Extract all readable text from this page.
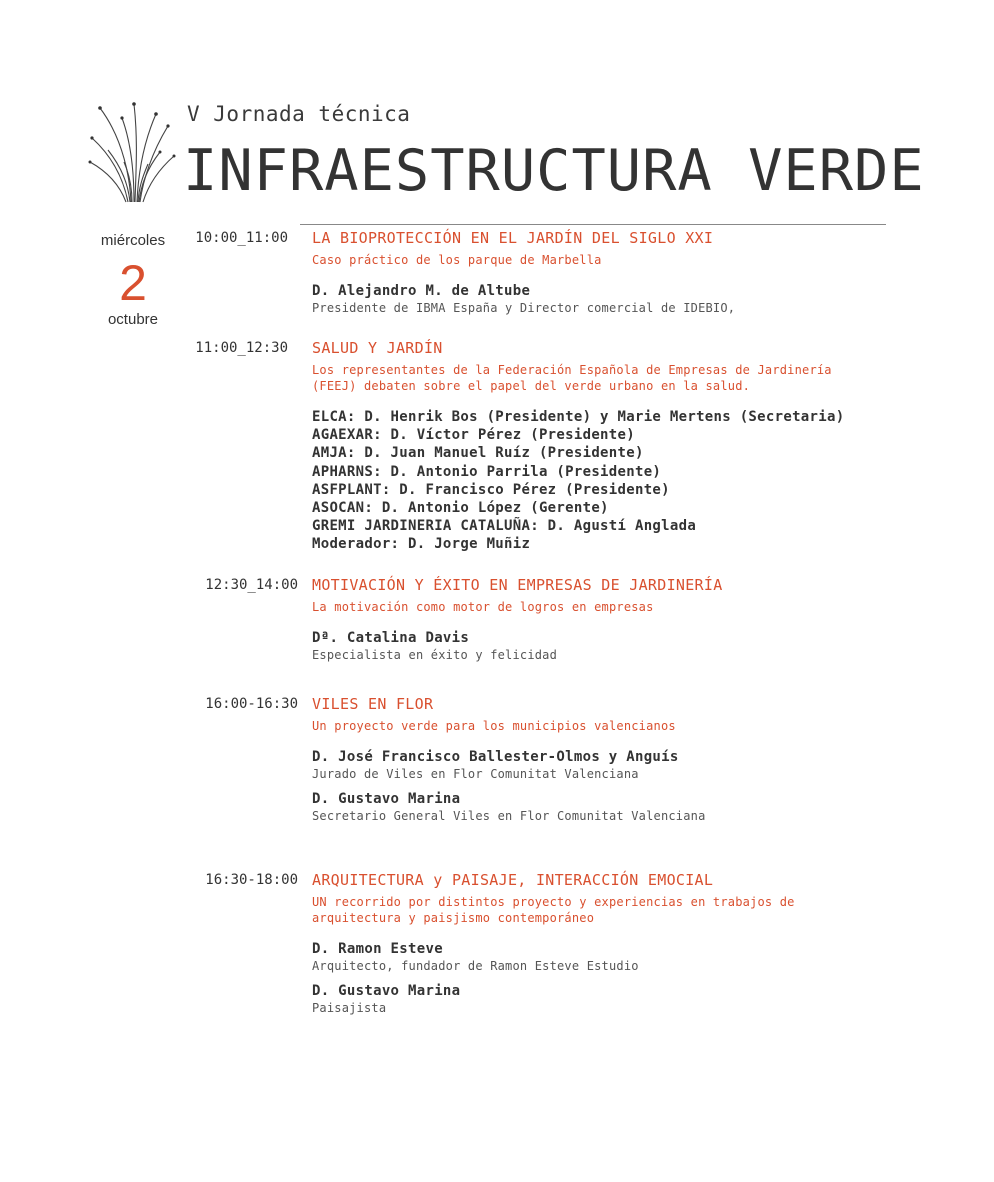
V Jornada técnica
INFRAESTRUCTURA VERDE
miércoles
2
octubre
10:00_11:00 LA BIOPROTECCIÓN EN EL JARDÍN DEL SIGLO XXI
Caso práctico de los parque de Marbella
D. Alejandro M. de Altube
Presidente de IBMA España y Director comercial de IDEBIO,
11:00_12:30 SALUD Y JARDÍN
Los representantes de la Federación Española de Empresas de Jardinería (FEEJ) debaten sobre el papel del verde urbano en la salud.
ELCA: D. Henrik Bos (Presidente) y Marie Mertens (Secretaria)
AGAEXAR: D. Víctor Pérez (Presidente)
AMJA: D. Juan Manuel Ruíz (Presidente)
APHARNS: D. Antonio Parrila (Presidente)
ASFPLANT: D. Francisco Pérez (Presidente)
ASOCAN: D. Antonio López (Gerente)
GREMI JARDINERIA CATALUÑA: D. Agustí Anglada
Moderador: D. Jorge Muñiz
12:30_14:00 MOTIVACIÓN Y ÉXITO EN EMPRESAS DE JARDINERÍA
La motivación como motor de logros en empresas
Dª. Catalina Davis
Especialista en éxito y felicidad
16:00-16:30 VILES EN FLOR
Un proyecto verde para los municipios valencianos
D. José Francisco Ballester-Olmos y Anguís
Jurado de Viles en Flor Comunitat Valenciana
D. Gustavo Marina
Secretario General Viles en Flor Comunitat Valenciana
16:30-18:00 ARQUITECTURA y PAISAJE, INTERACCIÓN EMOCIAL
UN recorrido por distintos proyecto y experiencias en trabajos de arquitectura y paisjismo contemporáneo
D. Ramon Esteve
Arquitecto, fundador de Ramon Esteve Estudio
D. Gustavo Marina
Paisajista
